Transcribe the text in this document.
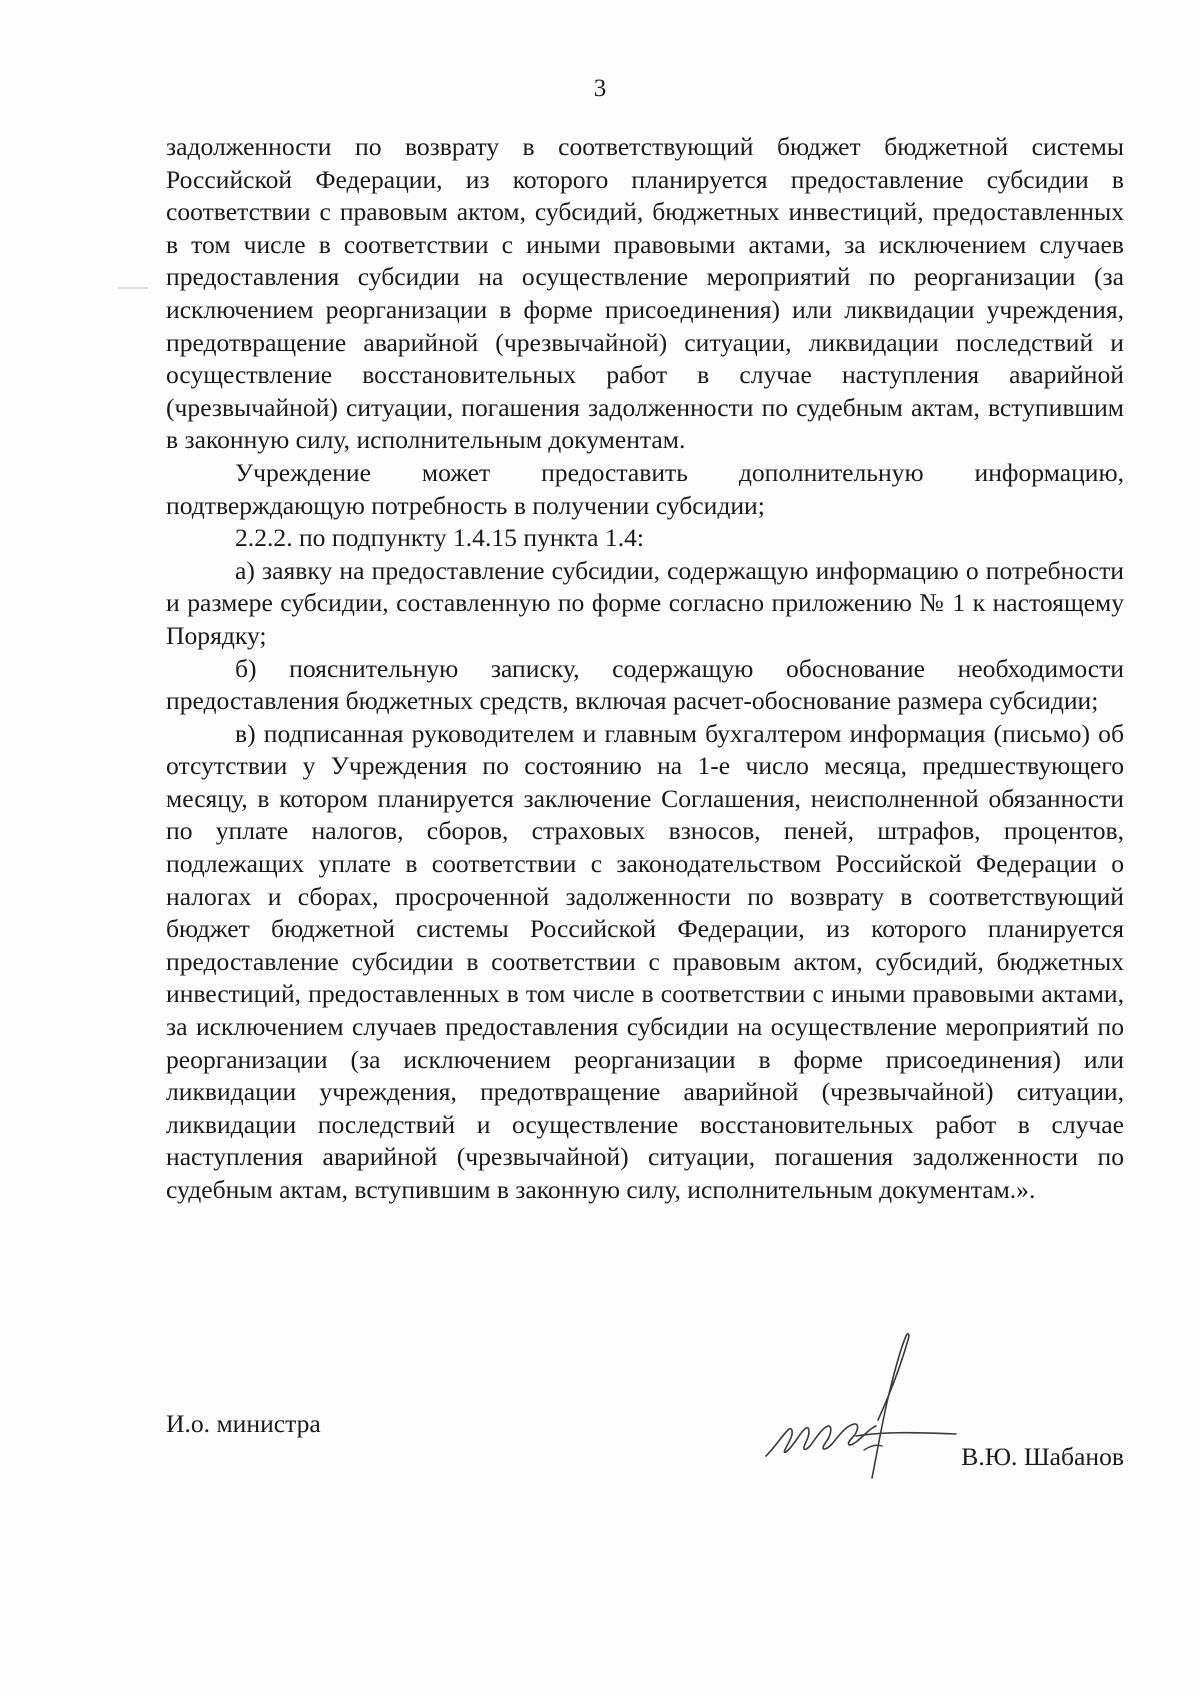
3

задолженности по возврату в соответствующий бюджет бюджетной системы Российской Федерации, из которого планируется предоставление субсидии в соответствии с правовым актом, субсидий, бюджетных инвестиций, предоставленных в том числе в соответствии с иными правовыми актами, за исключением случаев предоставления субсидии на осуществление мероприятий по реорганизации (за исключением реорганизации в форме присоединения) или ликвидации учреждения, предотвращение аварийной (чрезвычайной) ситуации, ликвидации последствий и осуществление восстановительных работ в случае наступления аварийной (чрезвычайной) ситуации, погашения задолженности по судебным актам, вступившим в законную силу, исполнительным документам.

Учреждение может предоставить дополнительную информацию, подтверждающую потребность в получении субсидии;

2.2.2. по подпункту 1.4.15 пункта 1.4:

а) заявку на предоставление субсидии, содержащую информацию о потребности и размере субсидии, составленную по форме согласно приложению № 1 к настоящему Порядку;

б) пояснительную записку, содержащую обоснование необходимости предоставления бюджетных средств, включая расчет-обоснование размера субсидии;

в) подписанная руководителем и главным бухгалтером информация (письмо) об отсутствии у Учреждения по состоянию на 1-е число месяца, предшествующего месяцу, в котором планируется заключение Соглашения, неисполненной обязанности по уплате налогов, сборов, страховых взносов, пеней, штрафов, процентов, подлежащих уплате в соответствии с законодательством Российской Федерации о налогах и сборах, просроченной задолженности по возврату в соответствующий бюджет бюджетной системы Российской Федерации, из которого планируется предоставление субсидии в соответствии с правовым актом, субсидий, бюджетных инвестиций, предоставленных в том числе в соответствии с иными правовыми актами, за исключением случаев предоставления субсидии на осуществление мероприятий по реорганизации (за исключением реорганизации в форме присоединения) или ликвидации учреждения, предотвращение аварийной (чрезвычайной) ситуации, ликвидации последствий и осуществление восстановительных работ в случае наступления аварийной (чрезвычайной) ситуации, погашения задолженности по судебным актам, вступившим в законную силу, исполнительным документам.».

И.о. министра
В.Ю. Шабанов
